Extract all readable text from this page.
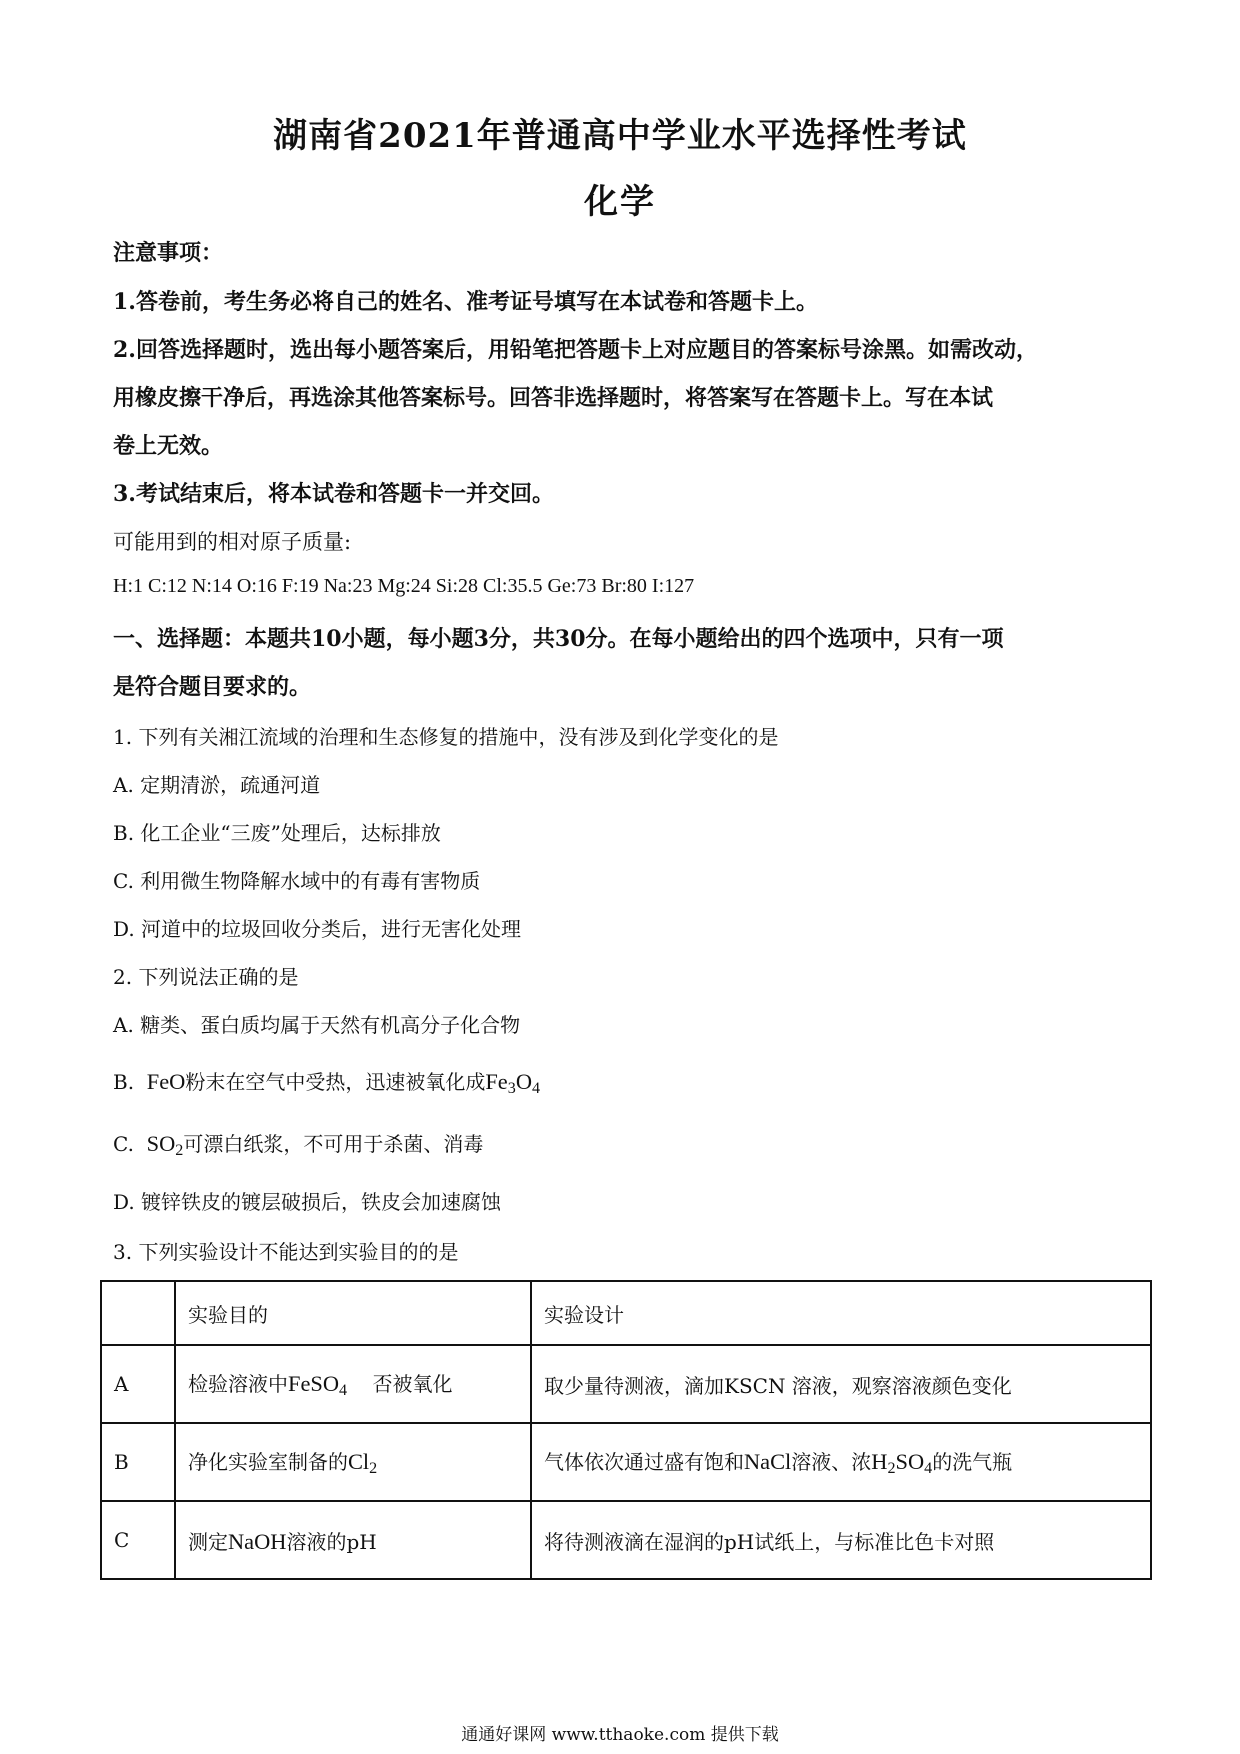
湖南省2021年普通高中学业水平选择性考试
化学
注意事项：
1.答卷前，考生务必将自己的姓名、准考证号填写在本试卷和答题卡上。
2.回答选择题时，选出每小题答案后，用铅笔把答题卡上对应题目的答案标号涂黑。如需改动，
用橡皮擦干净后，再选涂其他答案标号。回答非选择题时，将答案写在答题卡上。写在本试
卷上无效。
3.考试结束后，将本试卷和答题卡一并交回。
可能用到的相对原子质量:
H:1 C:12 N:14 O:16 F:19 Na:23 Mg:24 Si:28 Cl:35.5 Ge:73 Br:80 I:127
一、选择题：本题共10小题，每小题3分，共30分。在每小题给出的四个选项中，只有一项
是符合题目要求的。
1. 下列有关湘江流域的治理和生态修复的措施中，没有涉及到化学变化的是
A. 定期清淤，疏通河道
B. 化工企业“三废”处理后，达标排放
C. 利用微生物降解水域中的有毒有害物质
D. 河道中的垃圾回收分类后，进行无害化处理
2. 下列说法正确的是
A. 糖类、蛋白质均属于天然有机高分子化合物
B. FeO粉末在空气中受热，迅速被氧化成$Fe_3O_4$
C. $SO_2$可漂白纸浆，不可用于杀菌、消毒
D. 镀锌铁皮的镀层破损后，铁皮会加速腐蚀
3. 下列实验设计不能达到实验目的的是
	实验目的	实验设计
A	检验溶液中FeSO$_4$ 否被氧化	取少量待测液，滴加KSCN 溶液，观察溶液颜色变化
B	净化实验室制备的$Cl_2$	气体依次通过盛有饱和NaCl溶液、浓$H_2SO_4$的洗气瓶
C	测定NaOH溶液的pH	将待测液滴在湿润的pH试纸上，与标准比色卡对照
通通好课网 www.tthaoke.com 提供下载
